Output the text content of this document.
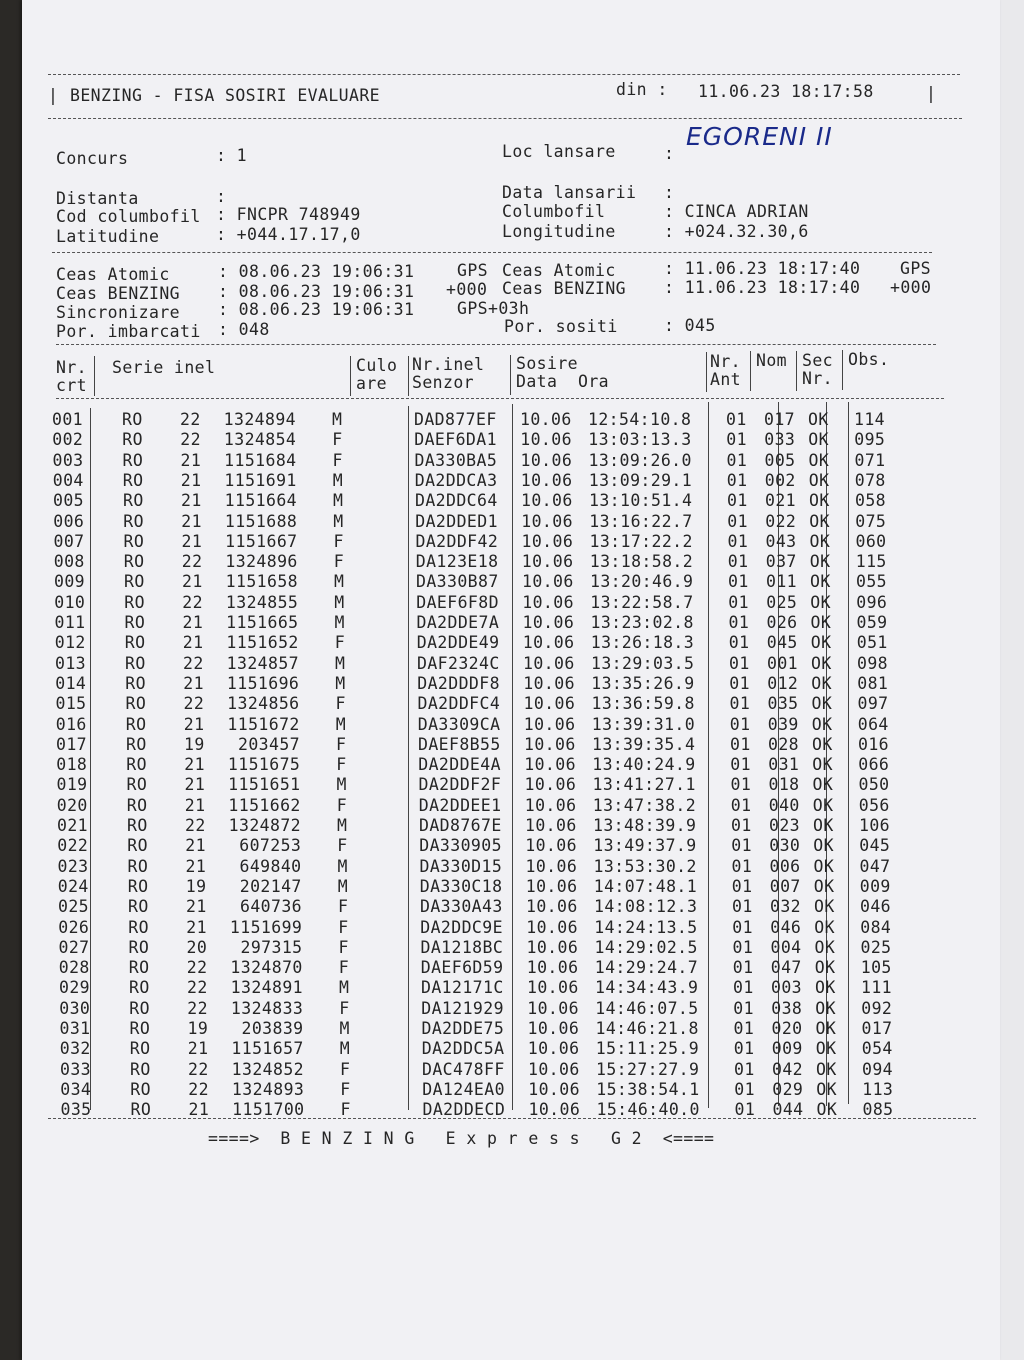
| BENZING - FISA SOSIRI EVALUARE	din : 11.06.23 18:17:58	|
Concurs	: 1	Loc lansare	:
EGORENI II
Distanta	:	Data lansarii :
Cod columbofil : FNCPR 748949	Columbofil	: CINCA ADRIAN
Latitudine	: +044.17.17,0	Longitudine	: +024.32.30,6
Ceas Atomic	: 08.06.23 19:06:31	GPS Ceas Atomic	: 11.06.23 18:17:40 GPS
Ceas BENZING : 08.06.23 19:06:31 +000 Ceas BENZING : 11.06.23 18:17:40 +000
Sincronizare : 08.06.23 19:06:31	GPS+03h
Por. imbarcati : 048	Por. sositi	: 045
Nr.
crt
Serie inel	Culo
are
Nr.inel
Senzor
Sosire
Data  Ora
Nr.
Ant
Nom Sec
Nr.
Obs.
001 RO 22 1324894 M	DAD877EF 10.06 12:54:10.8 01 017 OK 114
002 RO 22 1324854 F	DAEF6DA1 10.06 13:03:13.3 01 033 OK 095
003 RO 21 1151684 F	DA330BA5 10.06 13:09:26.0 01 005 OK 071
004 RO 21 1151691 M	DA2DDCA3 10.06 13:09:29.1 01 002 OK 078
005 RO 21 1151664 M	DA2DDC64 10.06 13:10:51.4 01 021 OK 058
006 RO 21 1151688 M	DA2DDED1 10.06 13:16:22.7 01 022 OK 075
007 RO 21 1151667 F	DA2DDF42 10.06 13:17:22.2 01 043 OK 060
008 RO 22 1324896 F	DA123E18 10.06 13:18:58.2 01 037 OK 115
009 RO 21 1151658 M	DA330B87 10.06 13:20:46.9 01 011 OK 055
010 RO 22 1324855 M	DAEF6F8D 10.06 13:22:58.7 01 025 OK 096
011 RO 21 1151665 M	DA2DDE7A 10.06 13:23:02.8 01 026 OK 059
012 RO 21 1151652 F	DA2DDE49 10.06 13:26:18.3 01 045 OK 051
013 RO 22 1324857 M	DAF2324C 10.06 13:29:03.5 01 001 OK 098
014 RO 21 1151696 M	DA2DDDF8 10.06 13:35:26.9 01 012 OK 081
015 RO 22 1324856 F	DA2DDFC4 10.06 13:36:59.8 01 035 OK 097
016 RO 21 1151672 M	DA3309CA 10.06 13:39:31.0 01 039 OK 064
017 RO 19 203457 F	DAEF8B55 10.06 13:39:35.4 01 028 OK 016
018 RO 21 1151675 F	DA2DDE4A 10.06 13:40:24.9 01 031 OK 066
019 RO 21 1151651 M	DA2DDF2F 10.06 13:41:27.1 01 018 OK 050
020 RO 21 1151662 F	DA2DDEE1 10.06 13:47:38.2 01 040 OK 056
021 RO 22 1324872 M	DAD8767E 10.06 13:48:39.9 01 023 OK 106
022 RO 21 607253 F	DA330905 10.06 13:49:37.9 01 030 OK 045
023 RO 21 649840 M	DA330D15 10.06 13:53:30.2 01 006 OK 047
024 RO 19 202147 M	DA330C18 10.06 14:07:48.1 01 007 OK 009
025 RO 21 640736 F	DA330A43 10.06 14:08:12.3 01 032 OK 046
026 RO 21 1151699 F	DA2DDC9E 10.06 14:24:13.5 01 046 OK 084
027 RO 20 297315 F	DA1218BC 10.06 14:29:02.5 01 004 OK 025
028 RO 22 1324870 F	DAEF6D59 10.06 14:29:24.7 01 047 OK 105
029 RO 22 1324891 M	DA12171C 10.06 14:34:43.9 01 003 OK 111
030 RO 22 1324833 F	DA121929 10.06 14:46:07.5 01 038 OK 092
031 RO 19 203839 M	DA2DDE75 10.06 14:46:21.8 01 020 OK 017
032 RO 21 1151657 M	DA2DDC5A 10.06 15:11:25.9 01 009 OK 054
033 RO 22 1324852 F	DAC478FF 10.06 15:27:27.9 01 042 OK 094
034 RO 22 1324893 F	DA124EA0 10.06 15:38:54.1 01 029 OK 113
035 RO 21 1151700 F	DA2DDECD 10.06 15:46:40.0 01 044 OK 085
====>  B E N Z I N G   E x p r e s s   G 2  <====
